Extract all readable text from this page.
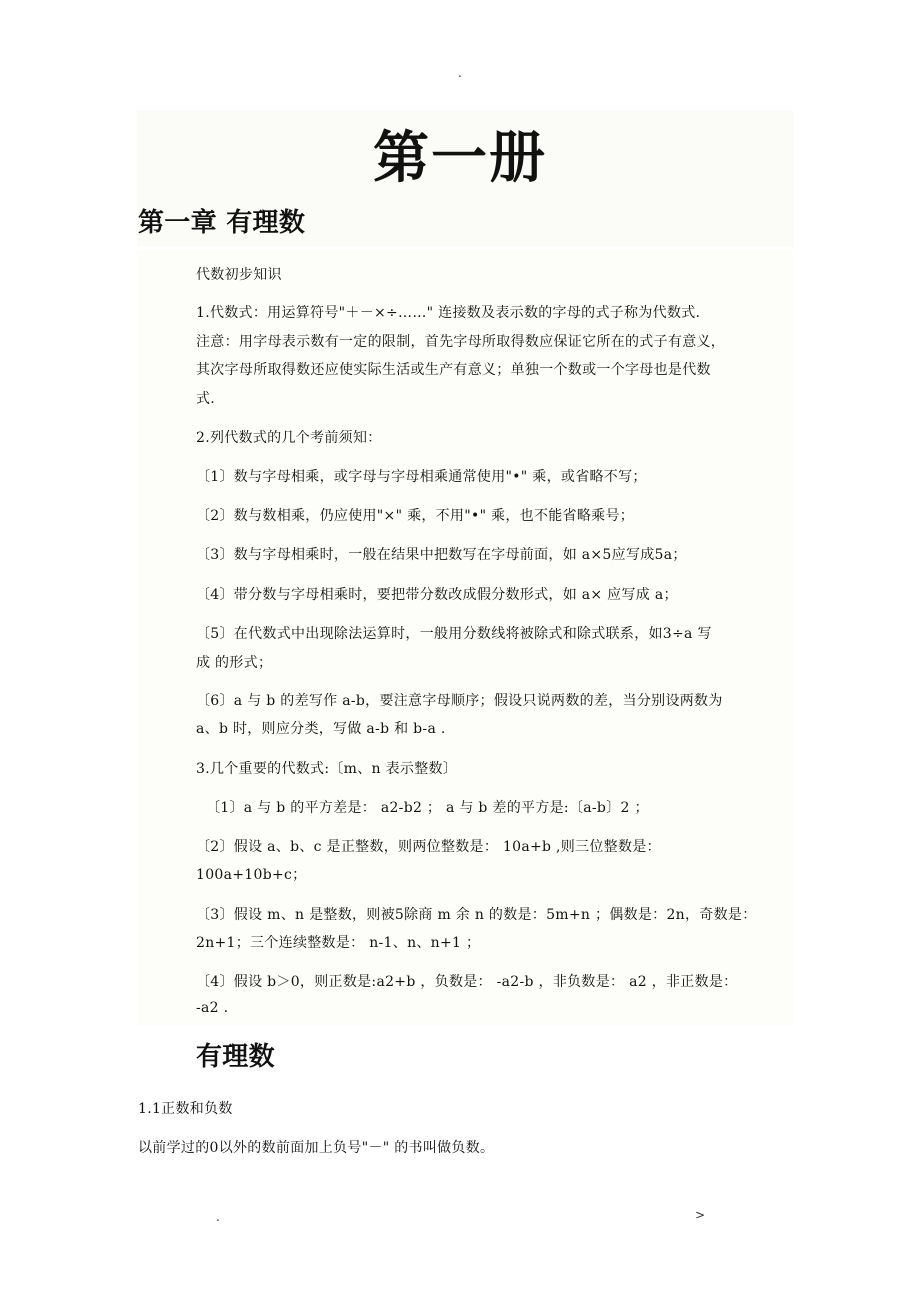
.
第一册
第一章 有理数
代数初步知识
1.代数式：用运算符号"＋－×÷……" 连接数及表示数的字母的式子称为代数式.
注意：用字母表示数有一定的限制，首先字母所取得数应保证它所在的式子有意义，
其次字母所取得数还应使实际生活或生产有意义；单独一个数或一个字母也是代数
式.
2.列代数式的几个考前须知：
〔1〕数与字母相乘，或字母与字母相乘通常使用"•" 乘，或省略不写；
〔2〕数与数相乘，仍应使用"×" 乘，不用"•" 乘，也不能省略乘号；
〔3〕数与字母相乘时，一般在结果中把数写在字母前面，如 a×5应写成5a；
〔4〕带分数与字母相乘时，要把带分数改成假分数形式，如 a× 应写成 a；
〔5〕在代数式中出现除法运算时，一般用分数线将被除式和除式联系，如3÷a 写
成 的形式；
〔6〕a 与 b 的差写作 a-b，要注意字母顺序；假设只说两数的差，当分别设两数为
a、b 时，则应分类，写做 a-b 和 b-a .
3.几个重要的代数式:〔m、n 表示整数〕
〔1〕a 与 b 的平方差是： a2-b2 ； a 与 b 差的平方是:〔a-b〕2 ；
〔2〕假设 a、b、c 是正整数，则两位整数是： 10a+b ,则三位整数是：
100a+10b+c；
〔3〕假设 m、n 是整数，则被5除商 m 余 n 的数是：5m+n ；偶数是：2n，奇数是：
2n+1；三个连续整数是： n-1、n、n+1 ；
〔4〕假设 b＞0，则正数是:a2+b ，负数是： -a2-b ，非负数是： a2 ，非正数是：
-a2 .
有理数
1.1正数和负数
以前学过的0以外的数前面加上负号"－" 的书叫做负数。
.	>
